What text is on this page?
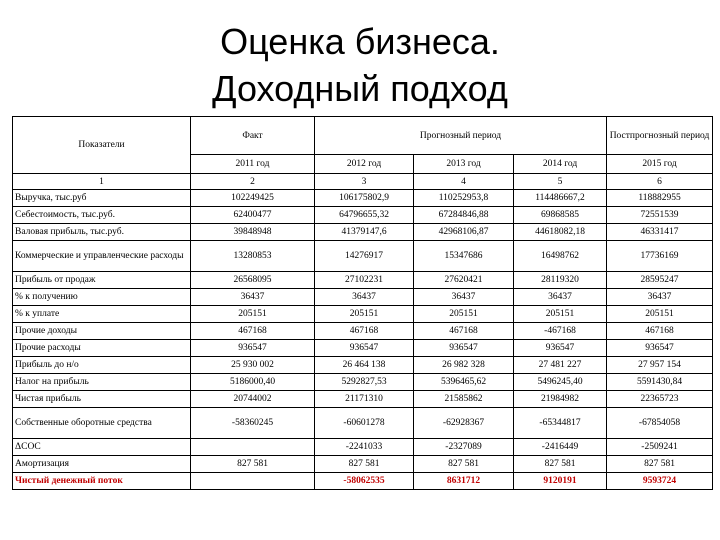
Оценка бизнеса.
Доходный подход
Показатели	Факт	Прогнозный период			Постпрогнозный период
	2011 год	2012 год	2013 год	2014 год	2015 год
1	2	3	4	5	6
Выручка, тыс.руб	102249425	106175802,9	110252953,8	114486667,2	118882955
Себестоимость, тыс.руб.	62400477	64796655,32	67284846,88	69868585	72551539
Валовая прибыль, тыс.руб.	39848948	41379147,6	42968106,87	44618082,18	46331417
Коммерческие и управленческие расходы	13280853	14276917	15347686	16498762	17736169
Прибыль от продаж	26568095	27102231	27620421	28119320	28595247
% к получению	36437	36437	36437	36437	36437
% к уплате	205151	205151	205151	205151	205151
Прочие доходы	467168	467168	467168	-467168	467168
Прочие расходы	936547	936547	936547	936547	936547
Прибыль до н/о	25 930 002	26 464 138	26 982 328	27 481 227	27 957 154
Налог на прибыль	5186000,40	5292827,53	5396465,62	5496245,40	5591430,84
Чистая прибыль	20744002	21171310	21585862	21984982	22365723
Собственные оборотные средства	-58360245	-60601278	-62928367	-65344817	-67854058
ΔСОС		-2241033	-2327089	-2416449	-2509241
Амортизация	827 581	827 581	827 581	827 581	827 581
Чистый денежный поток		-58062535	8631712	9120191	9593724
